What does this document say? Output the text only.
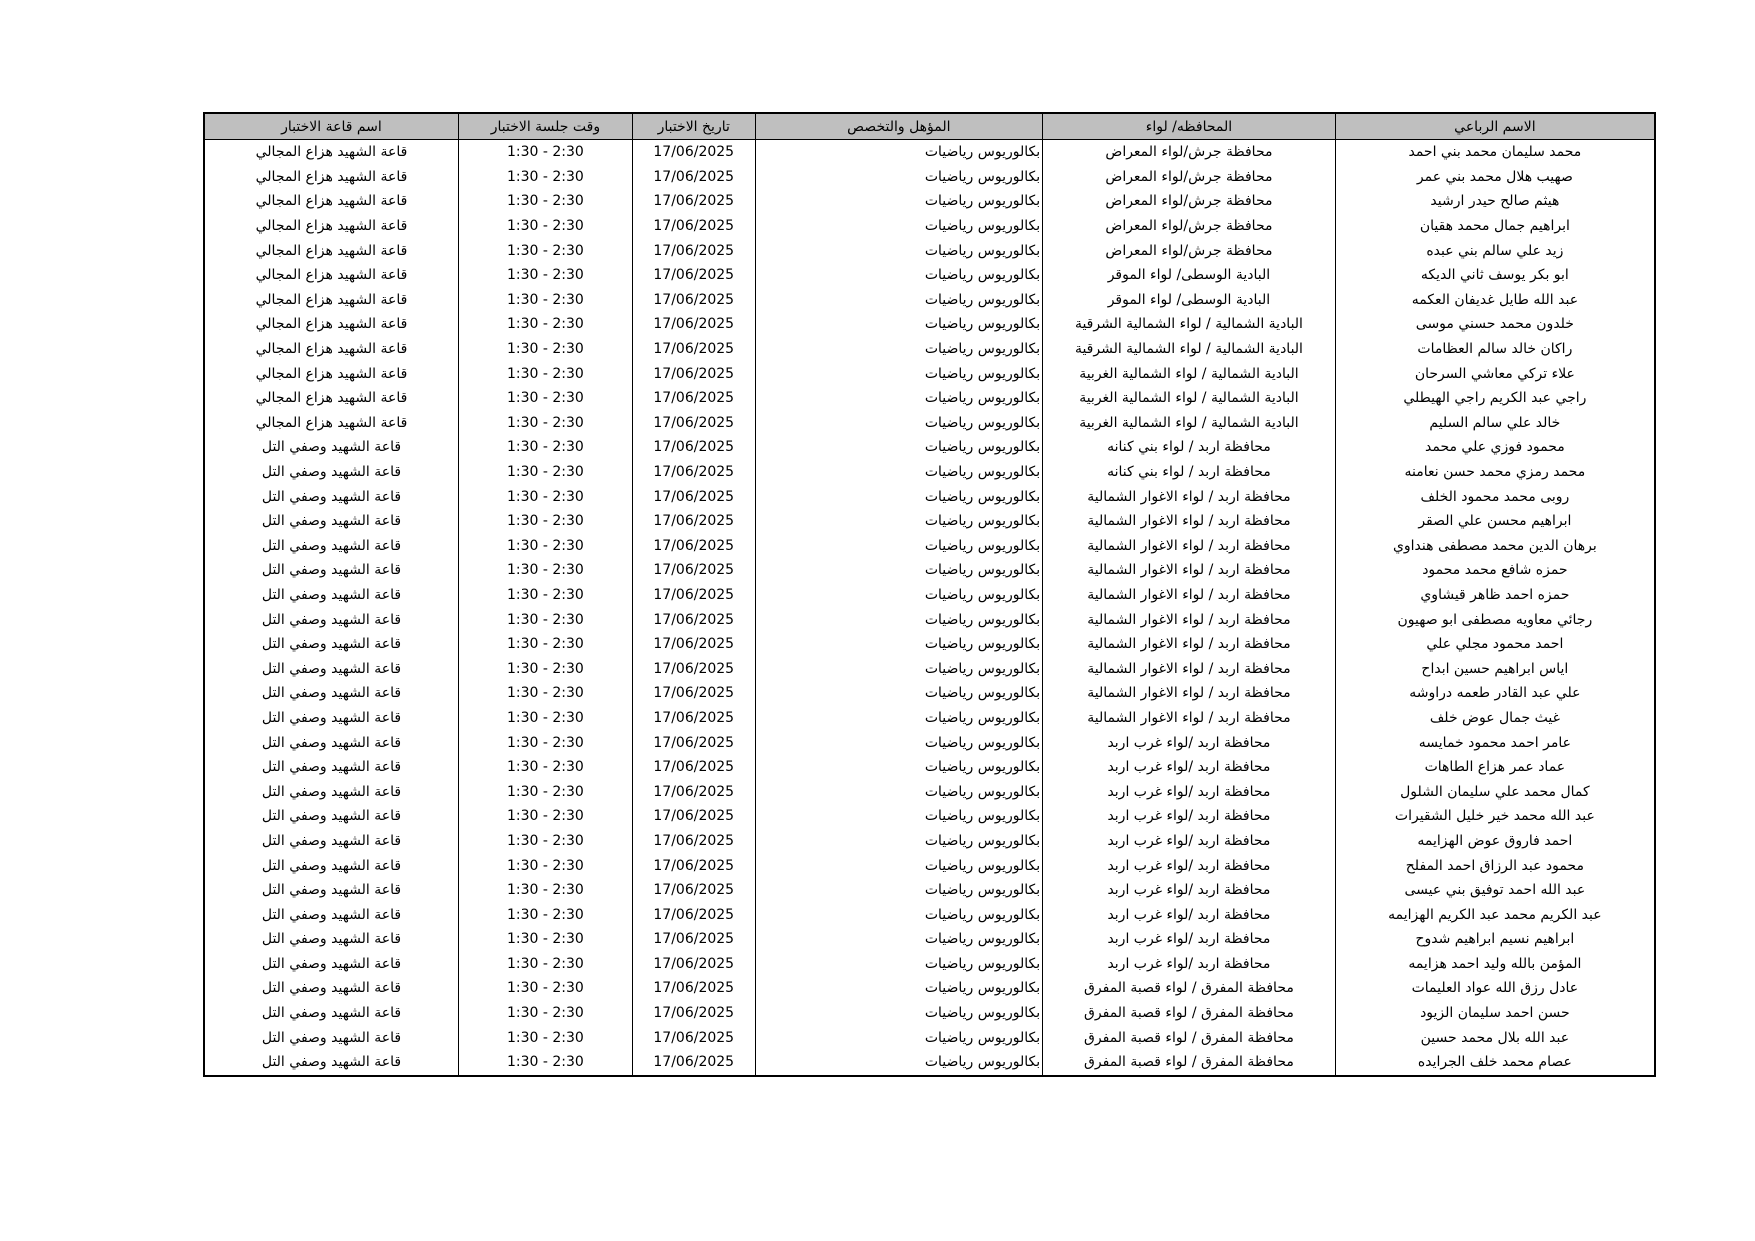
الاسم الرباعي	المحافظه/ لواء	المؤهل والتخصص	تاريخ الاختبار	وقت جلسة الاختبار	اسم قاعة الاختبار
محمد سليمان محمد بني احمد	محافظة جرش/لواء المعراض	بكالوريوس رياضيات	17/06/2025	1:30 - 2:30	قاعة الشهيد هزاع المجالي
صهيب هلال محمد بني عمر	محافظة جرش/لواء المعراض	بكالوريوس رياضيات	17/06/2025	1:30 - 2:30	قاعة الشهيد هزاع المجالي
هيثم صالح حيدر ارشيد	محافظة جرش/لواء المعراض	بكالوريوس رياضيات	17/06/2025	1:30 - 2:30	قاعة الشهيد هزاع المجالي
ابراهيم جمال محمد هقيان	محافظة جرش/لواء المعراض	بكالوريوس رياضيات	17/06/2025	1:30 - 2:30	قاعة الشهيد هزاع المجالي
زيد علي سالم بني عبده	محافظة جرش/لواء المعراض	بكالوريوس رياضيات	17/06/2025	1:30 - 2:30	قاعة الشهيد هزاع المجالي
ابو بكر يوسف ثاني الديكه	البادية الوسطى/ لواء الموقر	بكالوريوس رياضيات	17/06/2025	1:30 - 2:30	قاعة الشهيد هزاع المجالي
عبد الله طايل غديفان العكمه	البادية الوسطى/ لواء الموقر	بكالوريوس رياضيات	17/06/2025	1:30 - 2:30	قاعة الشهيد هزاع المجالي
خلدون محمد حسني موسى	البادية الشمالية / لواء الشمالية الشرقية	بكالوريوس رياضيات	17/06/2025	1:30 - 2:30	قاعة الشهيد هزاع المجالي
راكان خالد سالم العظامات	البادية الشمالية / لواء الشمالية الشرقية	بكالوريوس رياضيات	17/06/2025	1:30 - 2:30	قاعة الشهيد هزاع المجالي
علاء تركي معاشي السرحان	البادية الشمالية / لواء الشمالية الغربية	بكالوريوس رياضيات	17/06/2025	1:30 - 2:30	قاعة الشهيد هزاع المجالي
راجي عبد الكريم راجي الهيطلي	البادية الشمالية / لواء الشمالية الغربية	بكالوريوس رياضيات	17/06/2025	1:30 - 2:30	قاعة الشهيد هزاع المجالي
خالد علي سالم السليم	البادية الشمالية / لواء الشمالية الغربية	بكالوريوس رياضيات	17/06/2025	1:30 - 2:30	قاعة الشهيد هزاع المجالي
محمود فوزي علي محمد	محافظة اربد / لواء بني كنانه	بكالوريوس رياضيات	17/06/2025	1:30 - 2:30	قاعة الشهيد وصفي التل
محمد رمزي محمد حسن نعامنه	محافظة اربد / لواء بني كنانه	بكالوريوس رياضيات	17/06/2025	1:30 - 2:30	قاعة الشهيد وصفي التل
روبى محمد محمود الخلف	محافظة اربد / لواء الاغوار الشمالية	بكالوريوس رياضيات	17/06/2025	1:30 - 2:30	قاعة الشهيد وصفي التل
ابراهيم محسن علي الصقر	محافظة اربد / لواء الاغوار الشمالية	بكالوريوس رياضيات	17/06/2025	1:30 - 2:30	قاعة الشهيد وصفي التل
برهان الدين محمد مصطفى هنداوي	محافظة اربد / لواء الاغوار الشمالية	بكالوريوس رياضيات	17/06/2025	1:30 - 2:30	قاعة الشهيد وصفي التل
حمزه شافع محمد محمود	محافظة اربد / لواء الاغوار الشمالية	بكالوريوس رياضيات	17/06/2025	1:30 - 2:30	قاعة الشهيد وصفي التل
حمزه احمد ظاهر قيشاوي	محافظة اربد / لواء الاغوار الشمالية	بكالوريوس رياضيات	17/06/2025	1:30 - 2:30	قاعة الشهيد وصفي التل
رجائي معاويه مصطفى ابو صهيون	محافظة اربد / لواء الاغوار الشمالية	بكالوريوس رياضيات	17/06/2025	1:30 - 2:30	قاعة الشهيد وصفي التل
احمد محمود مجلي علي	محافظة اربد / لواء الاغوار الشمالية	بكالوريوس رياضيات	17/06/2025	1:30 - 2:30	قاعة الشهيد وصفي التل
اياس ابراهيم حسين ابداح	محافظة اربد / لواء الاغوار الشمالية	بكالوريوس رياضيات	17/06/2025	1:30 - 2:30	قاعة الشهيد وصفي التل
علي عبد القادر طعمه دراوشه	محافظة اربد / لواء الاغوار الشمالية	بكالوريوس رياضيات	17/06/2025	1:30 - 2:30	قاعة الشهيد وصفي التل
غيث جمال عوض خلف	محافظة اربد / لواء الاغوار الشمالية	بكالوريوس رياضيات	17/06/2025	1:30 - 2:30	قاعة الشهيد وصفي التل
عامر احمد محمود خمايسه	محافظة اربد /لواء غرب اربد	بكالوريوس رياضيات	17/06/2025	1:30 - 2:30	قاعة الشهيد وصفي التل
عماد عمر هزاع الطاهات	محافظة اربد /لواء غرب اربد	بكالوريوس رياضيات	17/06/2025	1:30 - 2:30	قاعة الشهيد وصفي التل
كمال محمد علي سليمان الشلول	محافظة اربد /لواء غرب اربد	بكالوريوس رياضيات	17/06/2025	1:30 - 2:30	قاعة الشهيد وصفي التل
عبد الله محمد خير خليل الشقيرات	محافظة اربد /لواء غرب اربد	بكالوريوس رياضيات	17/06/2025	1:30 - 2:30	قاعة الشهيد وصفي التل
احمد فاروق عوض الهزايمه	محافظة اربد /لواء غرب اربد	بكالوريوس رياضيات	17/06/2025	1:30 - 2:30	قاعة الشهيد وصفي التل
محمود عبد الرزاق احمد المفلح	محافظة اربد /لواء غرب اربد	بكالوريوس رياضيات	17/06/2025	1:30 - 2:30	قاعة الشهيد وصفي التل
عبد الله احمد توفيق بني عيسى	محافظة اربد /لواء غرب اربد	بكالوريوس رياضيات	17/06/2025	1:30 - 2:30	قاعة الشهيد وصفي التل
عبد الكريم محمد عبد الكريم الهزايمه	محافظة اربد /لواء غرب اربد	بكالوريوس رياضيات	17/06/2025	1:30 - 2:30	قاعة الشهيد وصفي التل
ابراهيم نسيم ابراهيم شدوح	محافظة اربد /لواء غرب اربد	بكالوريوس رياضيات	17/06/2025	1:30 - 2:30	قاعة الشهيد وصفي التل
المؤمن بالله وليد احمد هزايمه	محافظة اربد /لواء غرب اربد	بكالوريوس رياضيات	17/06/2025	1:30 - 2:30	قاعة الشهيد وصفي التل
عادل رزق الله عواد العليمات	محافظة المفرق / لواء قصبة المفرق	بكالوريوس رياضيات	17/06/2025	1:30 - 2:30	قاعة الشهيد وصفي التل
حسن احمد سليمان الزيود	محافظة المفرق / لواء قصبة المفرق	بكالوريوس رياضيات	17/06/2025	1:30 - 2:30	قاعة الشهيد وصفي التل
عبد الله بلال محمد حسين	محافظة المفرق / لواء قصبة المفرق	بكالوريوس رياضيات	17/06/2025	1:30 - 2:30	قاعة الشهيد وصفي التل
عصام محمد خلف الجرايده	محافظة المفرق / لواء قصبة المفرق	بكالوريوس رياضيات	17/06/2025	1:30 - 2:30	قاعة الشهيد وصفي التل
